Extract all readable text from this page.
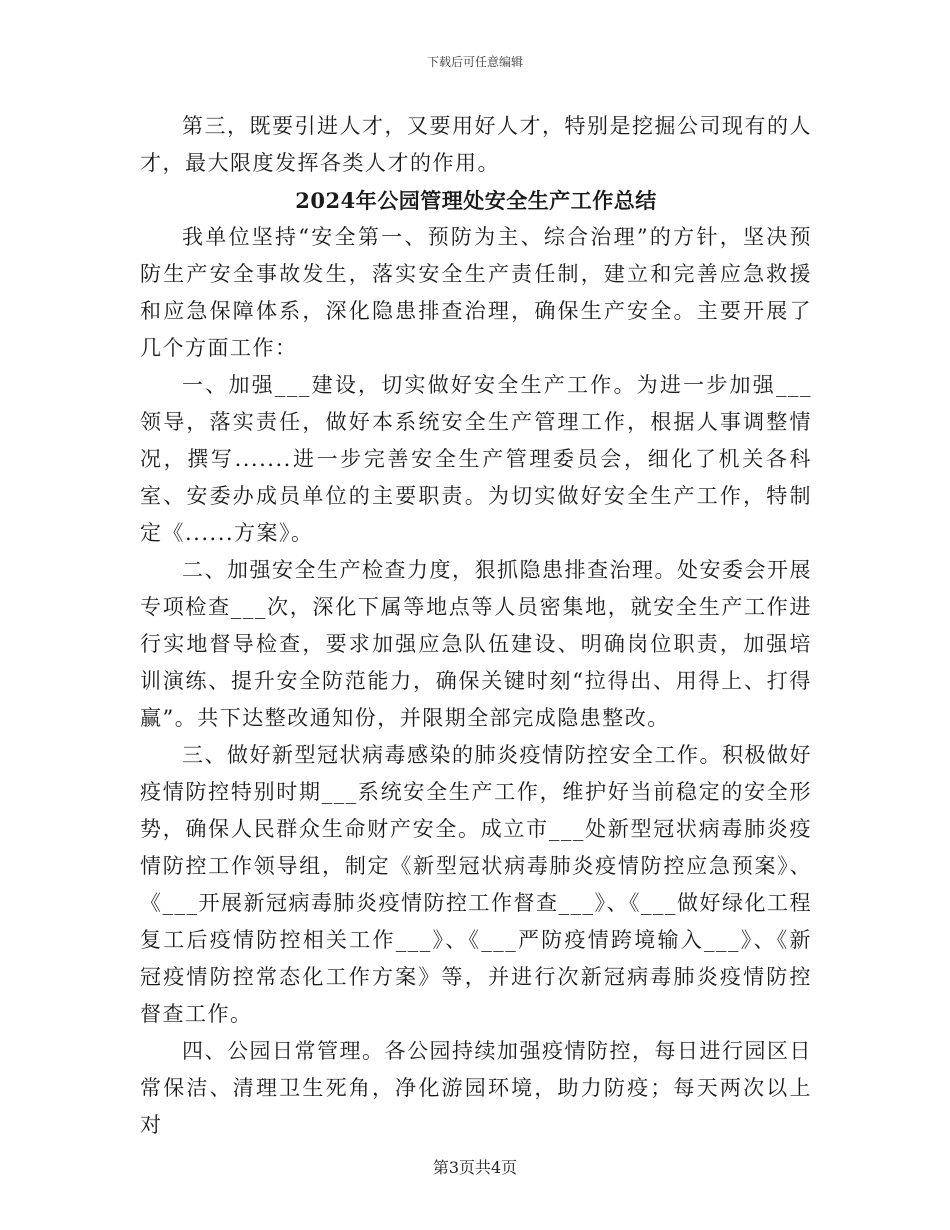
下载后可任意编辑

第三，既要引进人才，又要用好人才，特别是挖掘公司现有的人才，最大限度发挥各类人才的作用。

2024年公园管理处安全生产工作总结

我单位坚持“安全第一、预防为主、综合治理”的方针，坚决预防生产安全事故发生，落实安全生产责任制，建立和完善应急救援和应急保障体系，深化隐患排查治理，确保生产安全。主要开展了几个方面工作：

一、加强___建设，切实做好安全生产工作。为进一步加强___领导，落实责任，做好本系统安全生产管理工作，根据人事调整情况，撰写.......进一步完善安全生产管理委员会，细化了机关各科室、安委办成员单位的主要职责。为切实做好安全生产工作，特制定《......方案》。

二、加强安全生产检查力度，狠抓隐患排查治理。处安委会开展专项检查___次，深化下属等地点等人员密集地，就安全生产工作进行实地督导检查，要求加强应急队伍建设、明确岗位职责，加强培训演练、提升安全防范能力，确保关键时刻“拉得出、用得上、打得赢”。共下达整改通知份，并限期全部完成隐患整改。

三、做好新型冠状病毒感染的肺炎疫情防控安全工作。积极做好疫情防控特别时期___系统安全生产工作，维护好当前稳定的安全形势，确保人民群众生命财产安全。成立市___处新型冠状病毒肺炎疫情防控工作领导组，制定《新型冠状病毒肺炎疫情防控应急预案》、《___开展新冠病毒肺炎疫情防控工作督查___》、《___做好绿化工程复工后疫情防控相关工作___》、《___严防疫情跨境输入___》、《新冠疫情防控常态化工作方案》等，并进行次新冠病毒肺炎疫情防控督查工作。

四、公园日常管理。各公园持续加强疫情防控，每日进行园区日常保洁、清理卫生死角，净化游园环境，助力防疫；每天两次以上对

第3页共4页
